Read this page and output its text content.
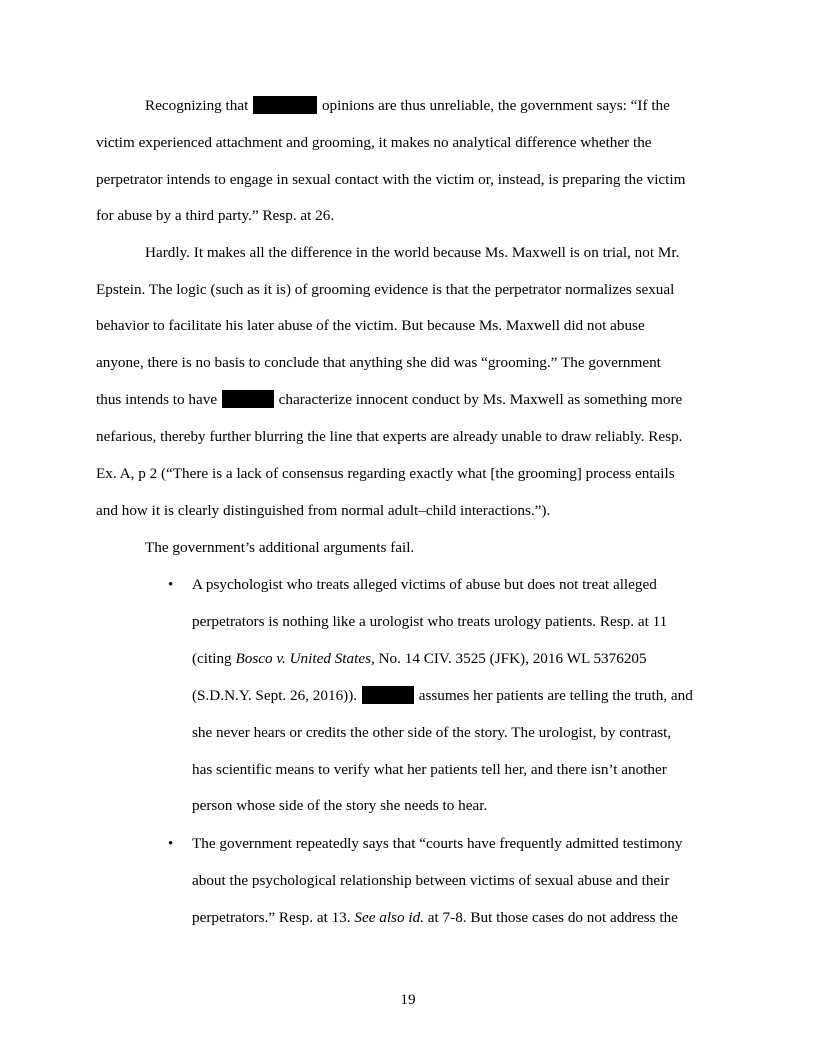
Recognizing that	opinions are thus unreliable, the government says: “If the
victim experienced attachment and grooming, it makes no analytical difference whether the
perpetrator intends to engage in sexual contact with the victim or, instead, is preparing the victim
for abuse by a third party.” Resp. at 26.
Hardly. It makes all the difference in the world because Ms. Maxwell is on trial, not Mr.
Epstein. The logic (such as it is) of grooming evidence is that the perpetrator normalizes sexual
behavior to facilitate his later abuse of the victim. But because Ms. Maxwell did not abuse
anyone, there is no basis to conclude that anything she did was “grooming.” The government
thus intends to have	characterize innocent conduct by Ms. Maxwell as something more
nefarious, thereby further blurring the line that experts are already unable to draw reliably. Resp.
Ex. A, p 2 (“There is a lack of consensus regarding exactly what [the grooming] process entails
and how it is clearly distinguished from normal adult–child interactions.”).
The government’s additional arguments fail.
• A psychologist who treats alleged victims of abuse but does not treat alleged
perpetrators is nothing like a urologist who treats urology patients. Resp. at 11
(citing Bosco v. United States, No. 14 CIV. 3525 (JFK), 2016 WL 5376205
(S.D.N.Y. Sept. 26, 2016)).	assumes her patients are telling the truth, and
she never hears or credits the other side of the story. The urologist, by contrast,
has scientific means to verify what her patients tell her, and there isn’t another
person whose side of the story she needs to hear.
• The government repeatedly says that “courts have frequently admitted testimony
about the psychological relationship between victims of sexual abuse and their
perpetrators.” Resp. at 13. See also id. at 7-8. But those cases do not address the
19
